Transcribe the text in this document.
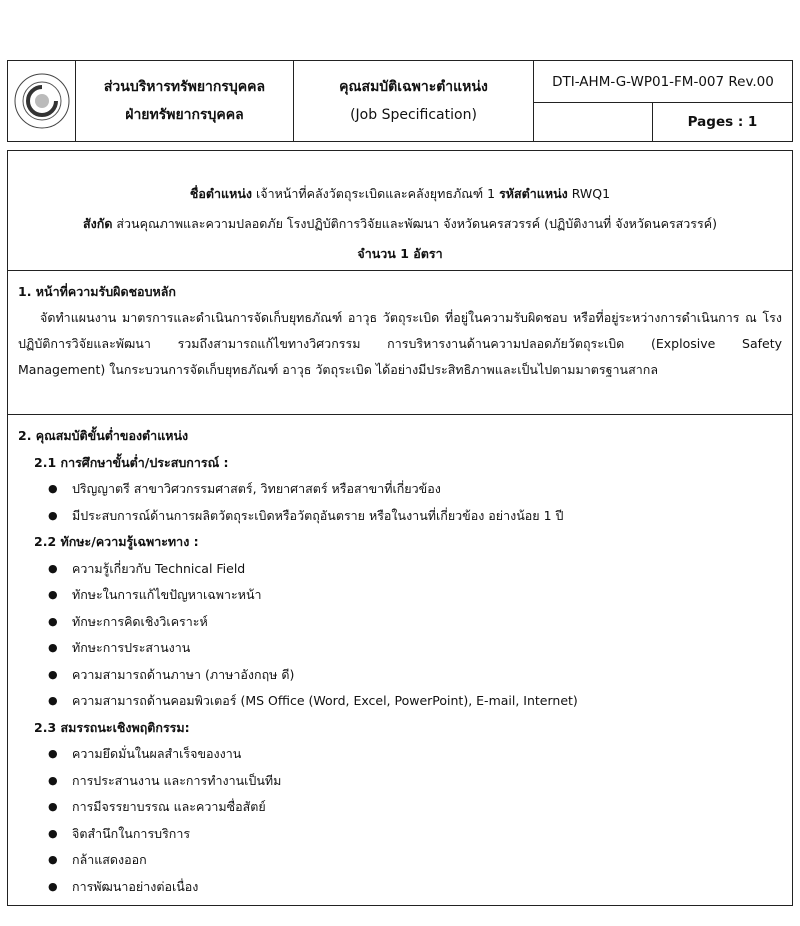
ส่วนบริหารทรัพยากรบุคคล
ฝ่ายทรัพยากรบุคคล
คุณสมบัติเฉพาะตำแหน่ง
(Job Specification)
DTI-AHM-G-WP01-FM-007 Rev.00
Pages : 1
ชื่อตำแหน่ง เจ้าหน้าที่คลังวัตถุระเบิดและคลังยุทธภัณฑ์ 1 รหัสตำแหน่ง RWQ1
สังกัด ส่วนคุณภาพและความปลอดภัย โรงปฏิบัติการวิจัยและพัฒนา จังหวัดนครสวรรค์ (ปฏิบัติงานที่ จังหวัดนครสวรรค์)
จำนวน 1 อัตรา
1. หน้าที่ความรับผิดชอบหลัก
จัดทำแผนงาน มาตรการและดำเนินการจัดเก็บยุทธภัณฑ์ อาวุธ วัตถุระเบิด ที่อยู่ในความรับผิดชอบ หรือที่อยู่ระหว่างการดำเนินการ ณ โรงปฏิบัติการวิจัยและพัฒนา รวมถึงสามารถแก้ไขทางวิศวกรรม การบริหารงานด้านความปลอดภัยวัตถุระเบิด (Explosive Safety Management) ในกระบวนการจัดเก็บยุทธภัณฑ์ อาวุธ วัตถุระเบิด ได้อย่างมีประสิทธิภาพและเป็นไปตามมาตรฐานสากล
2. คุณสมบัติขั้นต่ำของตำแหน่ง
2.1 การศึกษาขั้นต่ำ/ประสบการณ์ :
● ปริญญาตรี สาขาวิศวกรรมศาสตร์, วิทยาศาสตร์ หรือสาขาที่เกี่ยวข้อง
● มีประสบการณ์ด้านการผลิตวัตถุระเบิดหรือวัตถุอันตราย หรือในงานที่เกี่ยวข้อง อย่างน้อย 1 ปี
2.2 ทักษะ/ความรู้เฉพาะทาง :
● ความรู้เกี่ยวกับ Technical Field
● ทักษะในการแก้ไขปัญหาเฉพาะหน้า
● ทักษะการคิดเชิงวิเคราะห์
● ทักษะการประสานงาน
● ความสามารถด้านภาษา (ภาษาอังกฤษ ดี)
● ความสามารถด้านคอมพิวเตอร์ (MS Office (Word, Excel, PowerPoint), E-mail, Internet)
2.3 สมรรถนะเชิงพฤติกรรม:
● ความยึดมั่นในผลสำเร็จของงาน
● การประสานงาน และการทำงานเป็นทีม
● การมีจรรยาบรรณ และความซื่อสัตย์
● จิตสำนึกในการบริการ
● กล้าแสดงออก
● การพัฒนาอย่างต่อเนื่อง
